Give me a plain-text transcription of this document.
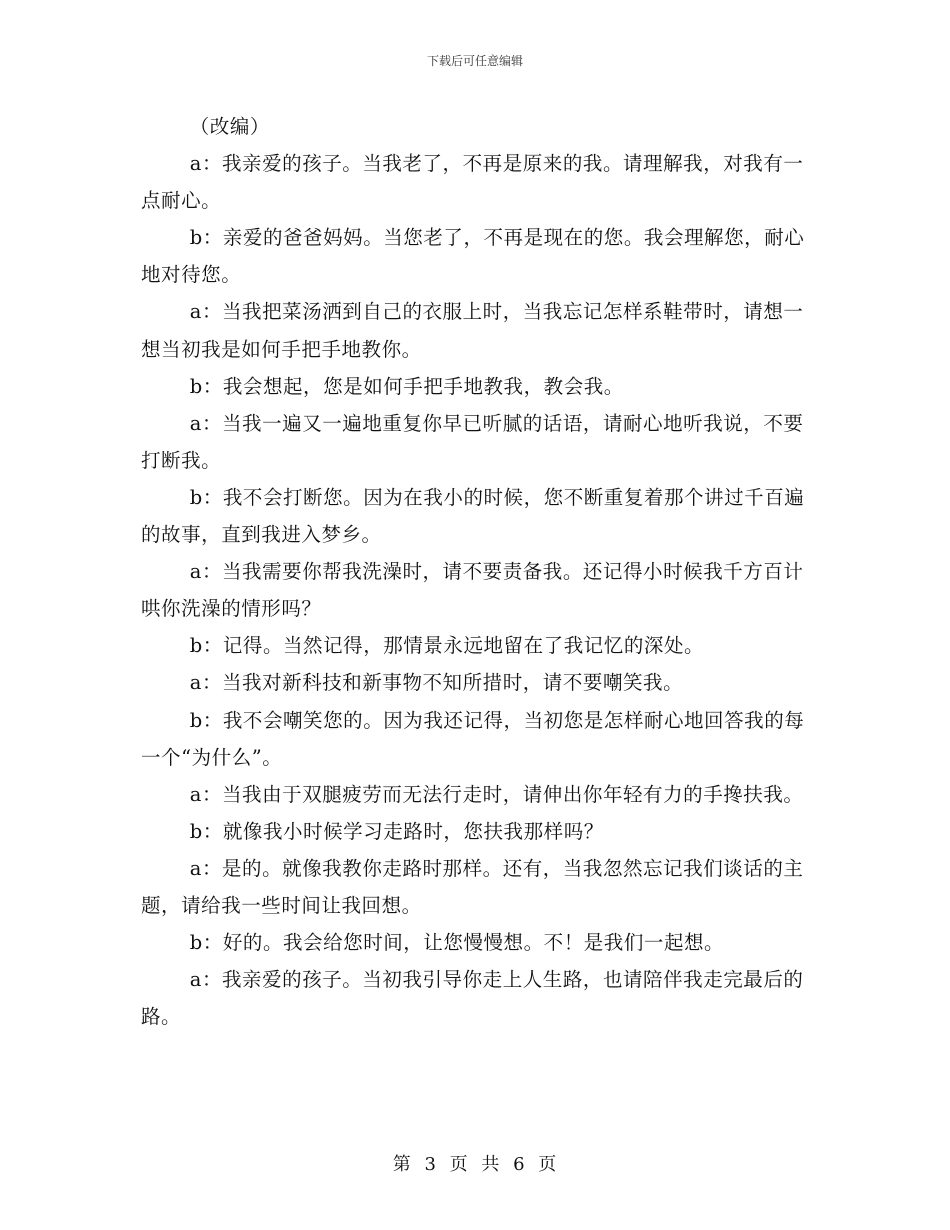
下载后可任意编辑

（改编）

a：我亲爱的孩子。当我老了，不再是原来的我。请理解我，对我有一点耐心。

b：亲爱的爸爸妈妈。当您老了，不再是现在的您。我会理解您，耐心地对待您。

a：当我把菜汤洒到自己的衣服上时，当我忘记怎样系鞋带时，请想一想当初我是如何手把手地教你。

b：我会想起，您是如何手把手地教我，教会我。

a：当我一遍又一遍地重复你早已听腻的话语，请耐心地听我说，不要打断我。

b：我不会打断您。因为在我小的时候，您不断重复着那个讲过千百遍的故事，直到我进入梦乡。

a：当我需要你帮我洗澡时，请不要责备我。还记得小时候我千方百计哄你洗澡的情形吗？

b：记得。当然记得，那情景永远地留在了我记忆的深处。

a：当我对新科技和新事物不知所措时，请不要嘲笑我。

b：我不会嘲笑您的。因为我还记得，当初您是怎样耐心地回答我的每一个“为什么”。

a：当我由于双腿疲劳而无法行走时，请伸出你年轻有力的手搀扶我。

b：就像我小时候学习走路时，您扶我那样吗？

a：是的。就像我教你走路时那样。还有，当我忽然忘记我们谈话的主题，请给我一些时间让我回想。

b：好的。我会给您时间，让您慢慢想。不！是我们一起想。

a：我亲爱的孩子。当初我引导你走上人生路，也请陪伴我走完最后的路。

第 3 页 共 6 页
